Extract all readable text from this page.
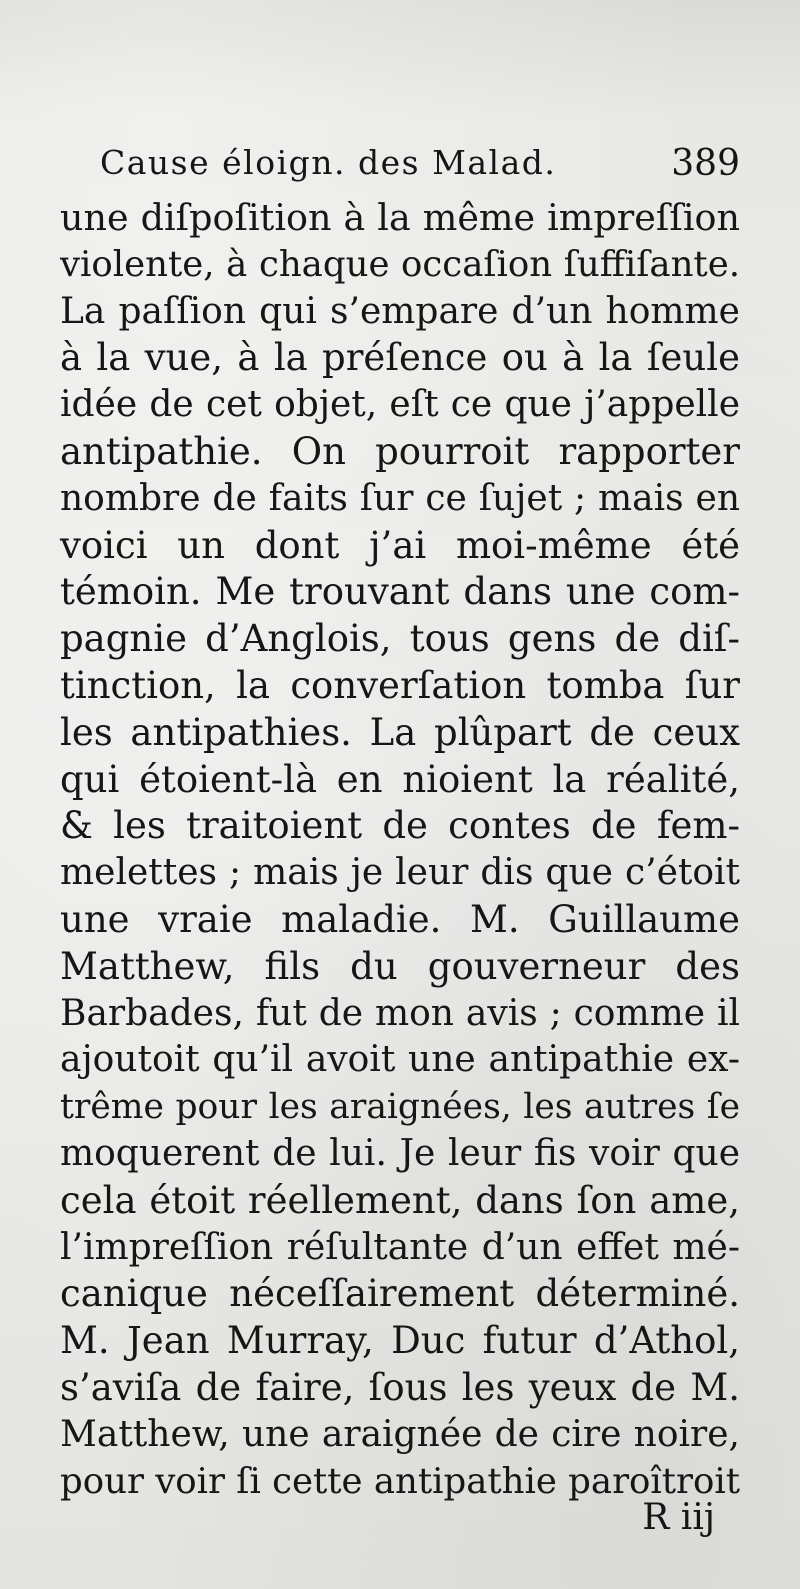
Cause éloign. des Malad.	389
une diſpoſition à la même impreſſion
violente, à chaque occaſion ſuffiſante.
La paſſion qui s’empare d’un homme
à la vue, à la préſence ou à la ſeule
idée de cet objet, eſt ce que j’appelle
antipathie. On pourroit rapporter
nombre de faits ſur ce ſujet ; mais en
voici un dont j’ai moi-même été
témoin. Me trouvant dans une com-
pagnie d’Anglois, tous gens de diſ-
tinction, la converſation tomba ſur
les antipathies. La plûpart de ceux
qui étoient-là en nioient la réalité,
& les traitoient de contes de fem-
melettes ; mais je leur dis que c’étoit
une vraie maladie. M. Guillaume
Matthew, fils du gouverneur des
Barbades, fut de mon avis ; comme il
ajoutoit qu’il avoit une antipathie ex-
trême pour les araignées, les autres ſe
moquerent de lui. Je leur fis voir que
cela étoit réellement, dans ſon ame,
l’impreſſion réſultante d’un effet mé-
canique néceſſairement déterminé.
M. Jean Murray, Duc futur d’Athol,
s’aviſa de faire, ſous les yeux de M.
Matthew, une araignée de cire noire,
pour voir ſi cette antipathie paroîtroit
R iij
